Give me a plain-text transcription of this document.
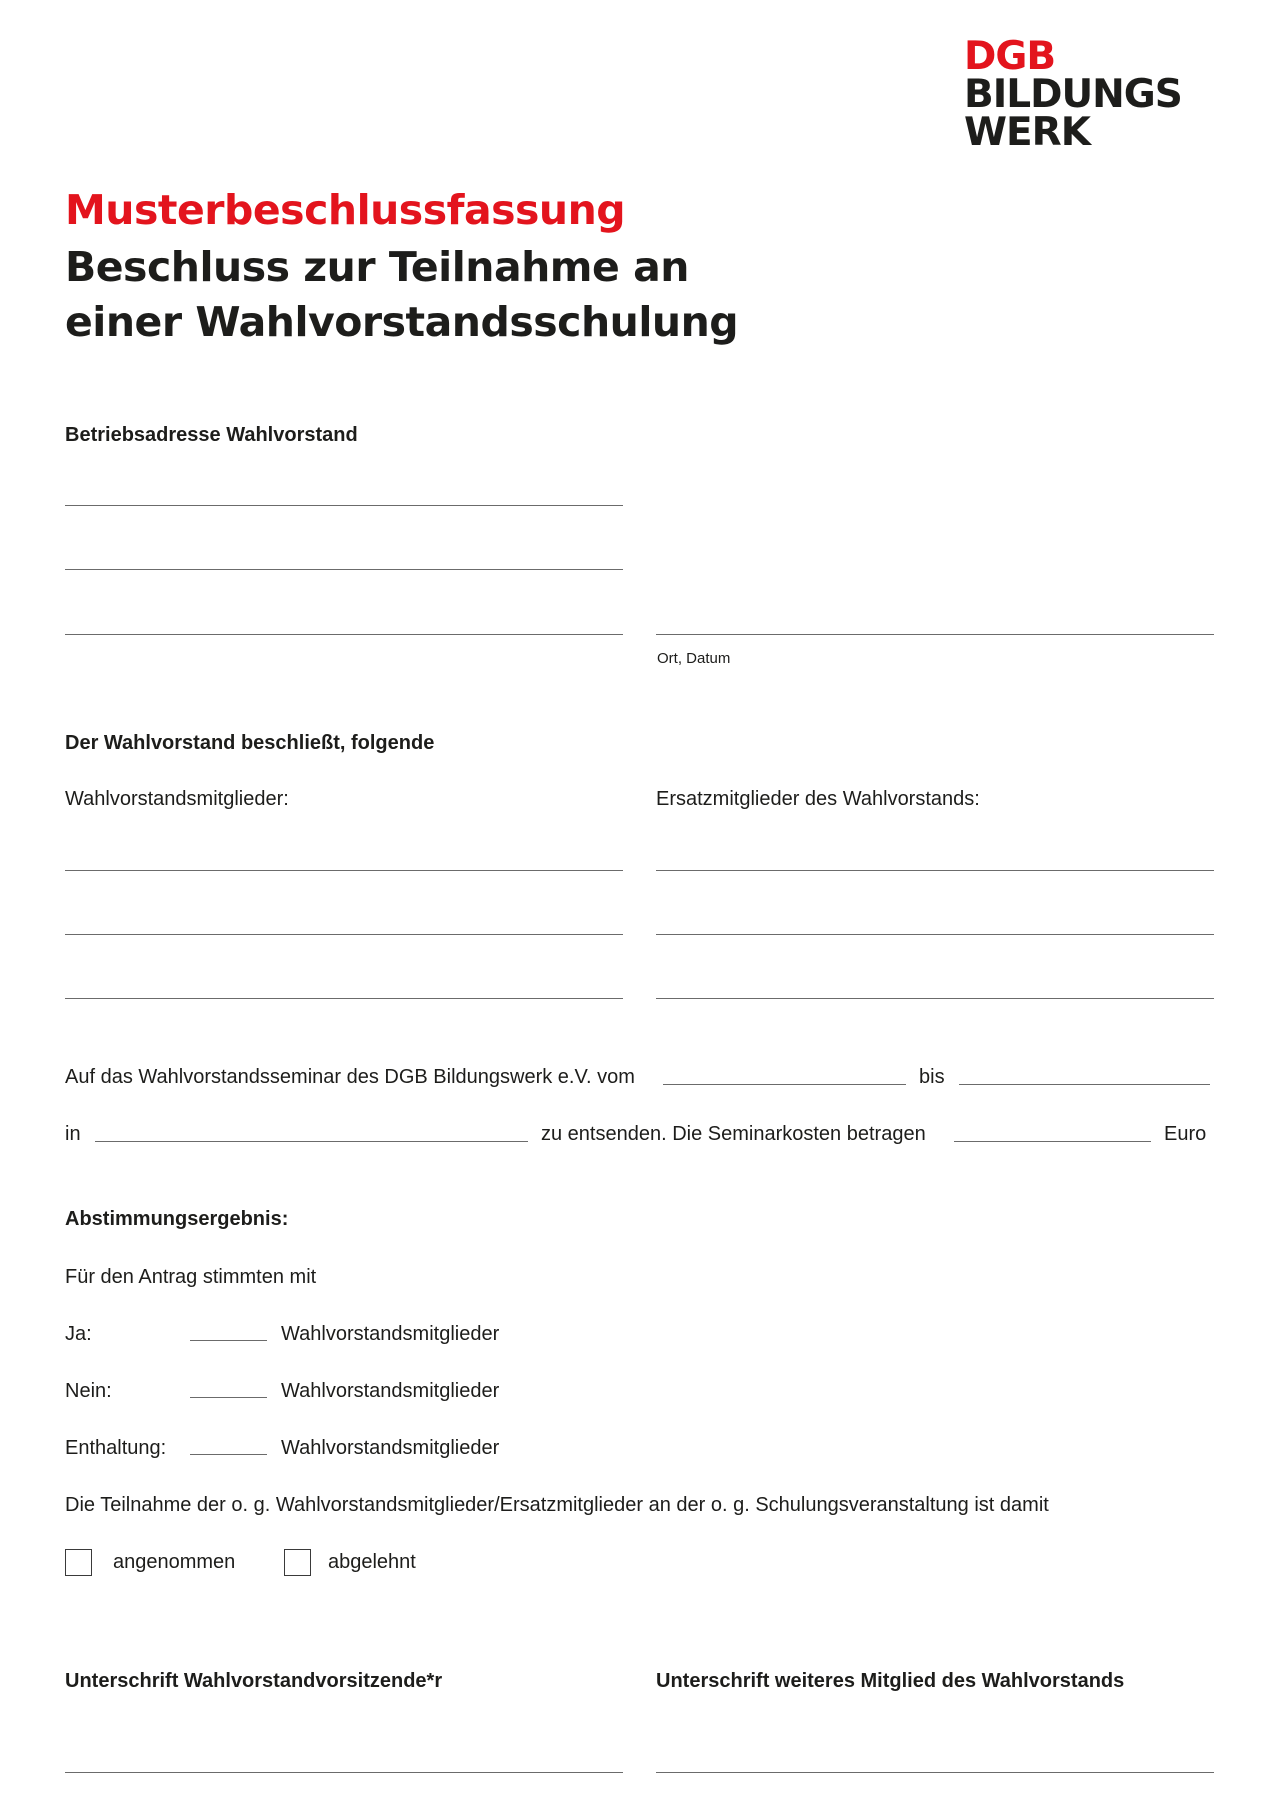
DGB
BILDUNGS
WERK
Musterbeschlussfassung
Beschluss zur Teilnahme an
einer Wahlvorstandsschulung
Betriebsadresse Wahlvorstand
Ort, Datum
Der Wahlvorstand beschließt, folgende
Wahlvorstandsmitglieder:	Ersatzmitglieder des Wahlvorstands:
Auf das Wahlvorstandsseminar des DGB Bildungswerk e.V. vom	bis
in	zu entsenden. Die Seminarkosten betragen	Euro
Abstimmungsergebnis:
Für den Antrag stimmten mit
Ja:	Wahlvorstandsmitglieder
Nein:	Wahlvorstandsmitglieder
Enthaltung:	Wahlvorstandsmitglieder
Die Teilnahme der o. g. Wahlvorstandsmitglieder/Ersatzmitglieder an der o. g. Schulungsveranstaltung ist damit
angenommen	abgelehnt
Unterschrift Wahlvorstandvorsitzende*r	Unterschrift weiteres Mitglied des Wahlvorstands
